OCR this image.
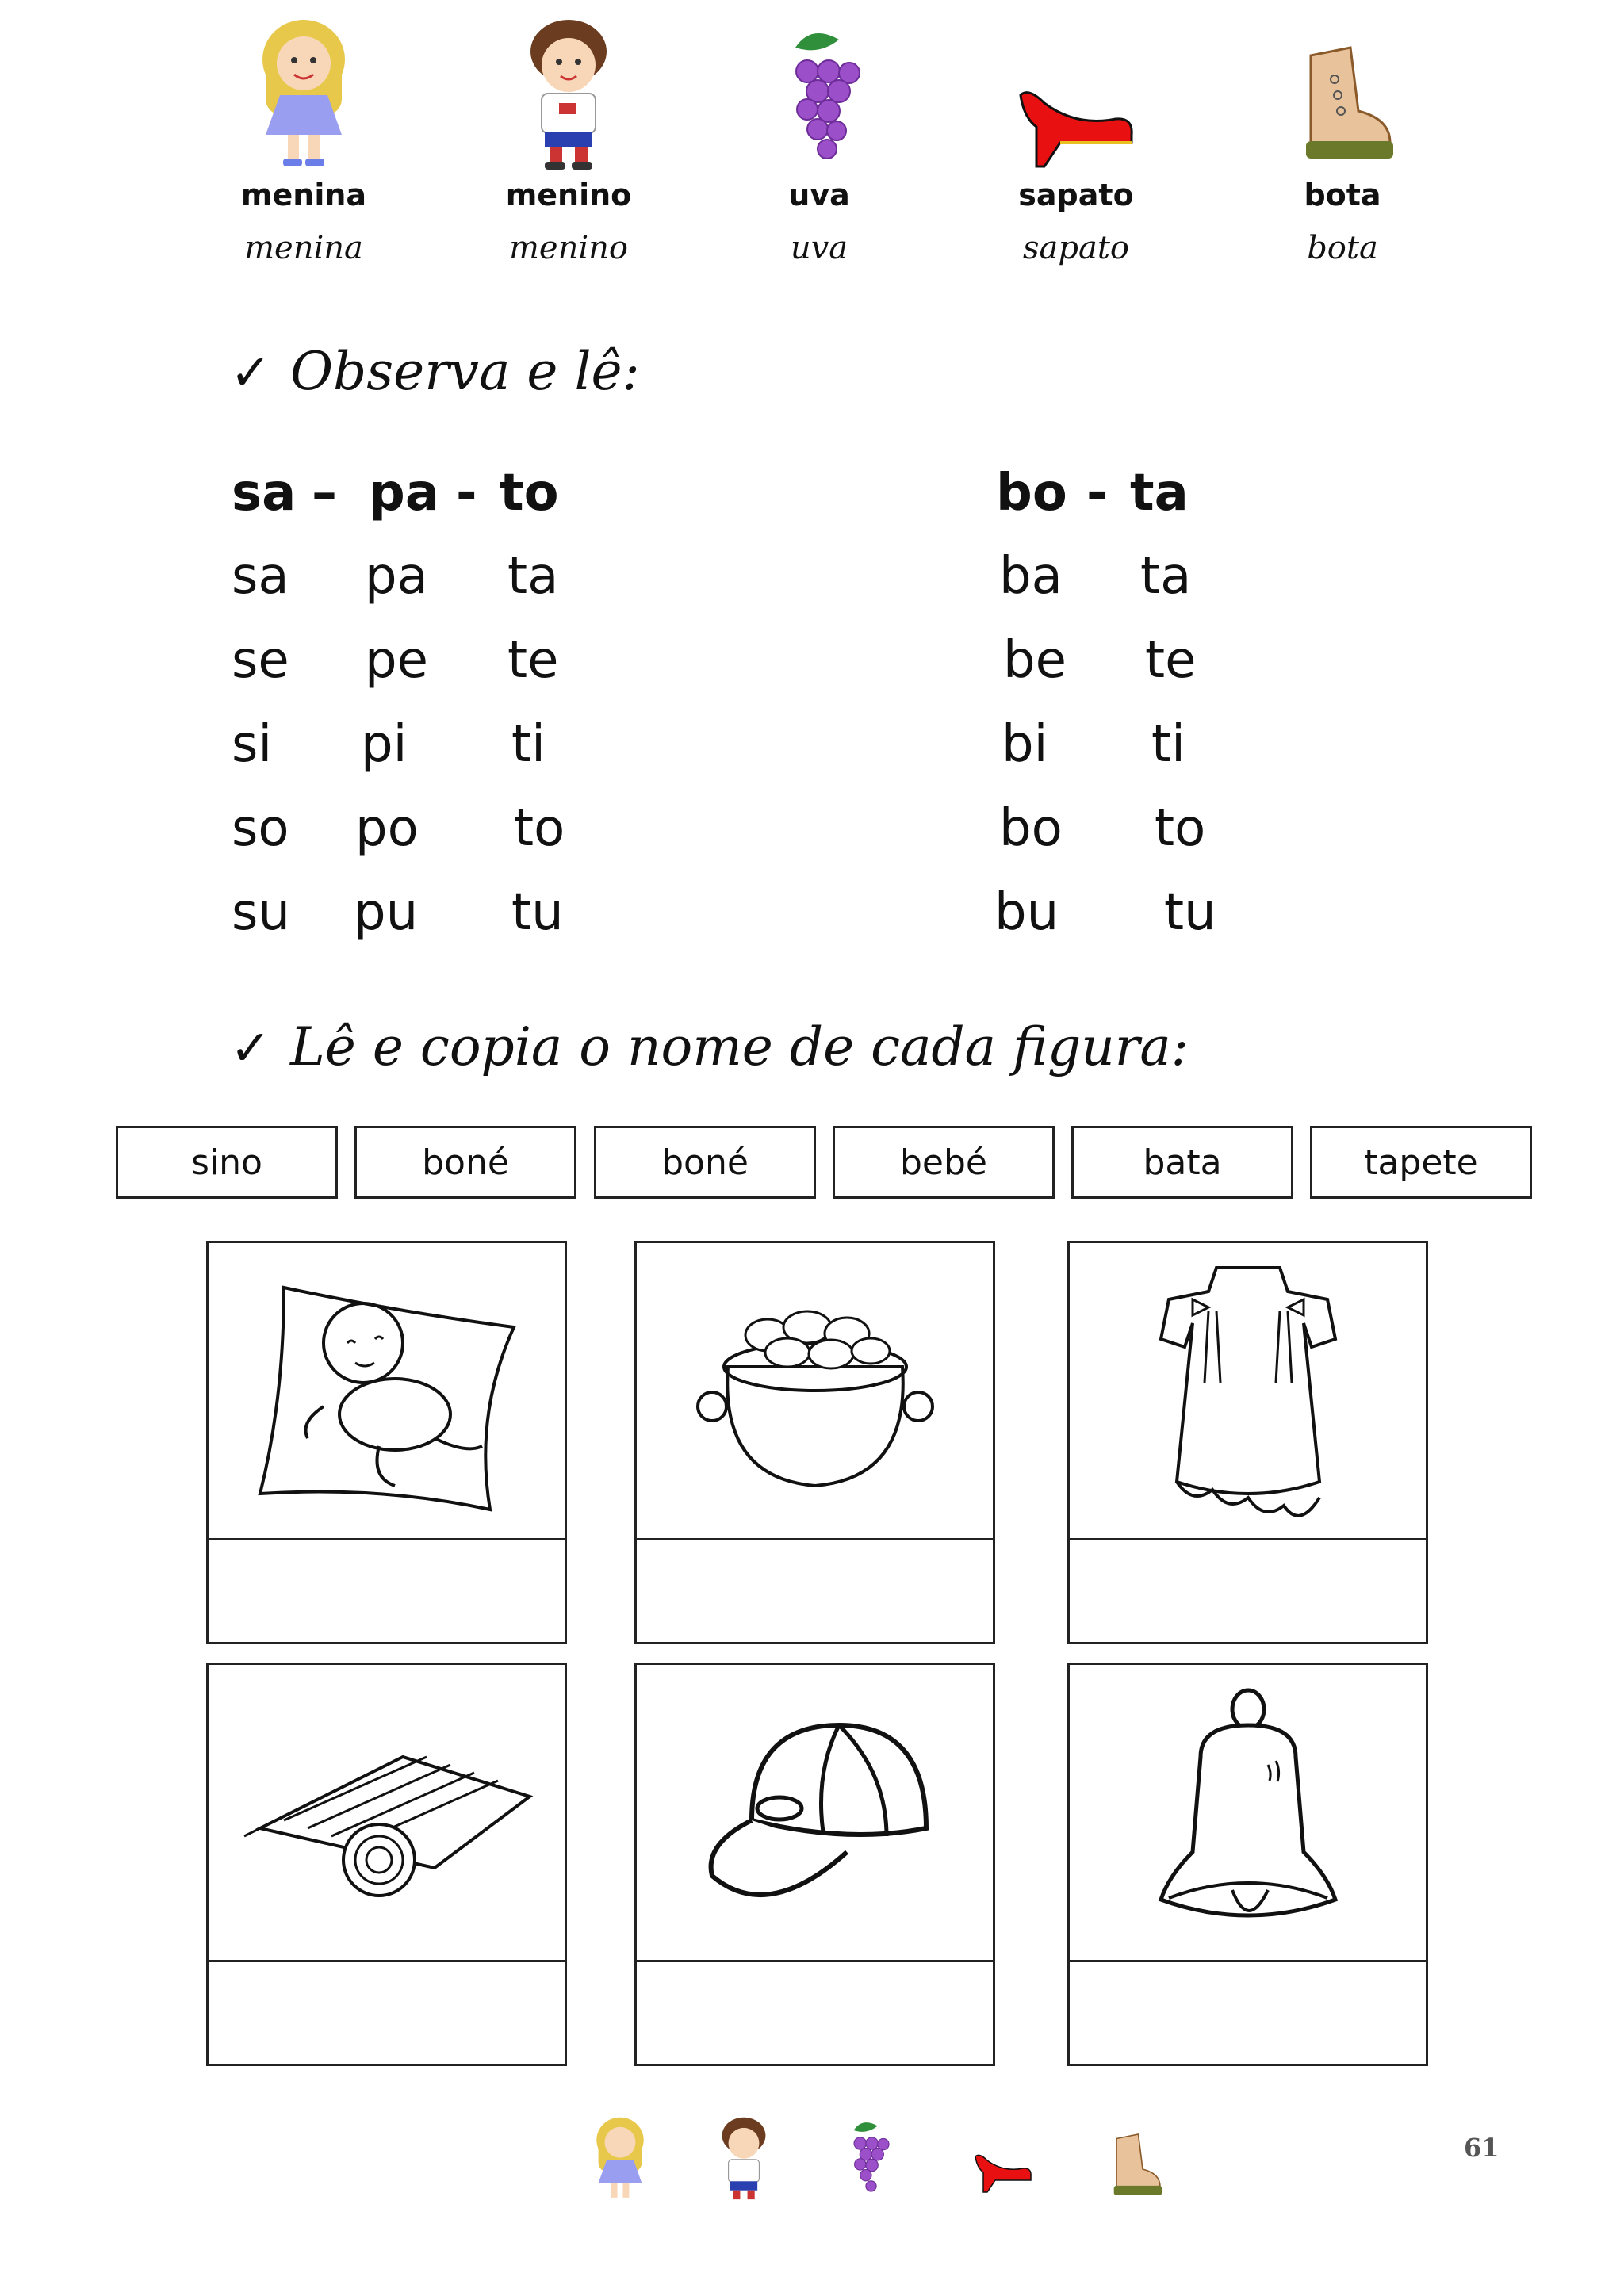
menina
menina
menino
menino
uva
uva
sapato
sapato
bota
bota
✓ Observa e lê:
sa – pa - to
sa pa ta
se pe te
si pi ti
so po to
su pu tu
bo - ta
ba ta
be te
bi ti
bo to
bu tu
✓ Lê e copia o nome de cada figura:
sino	boné	boné	bebé	bata	tapete
61
